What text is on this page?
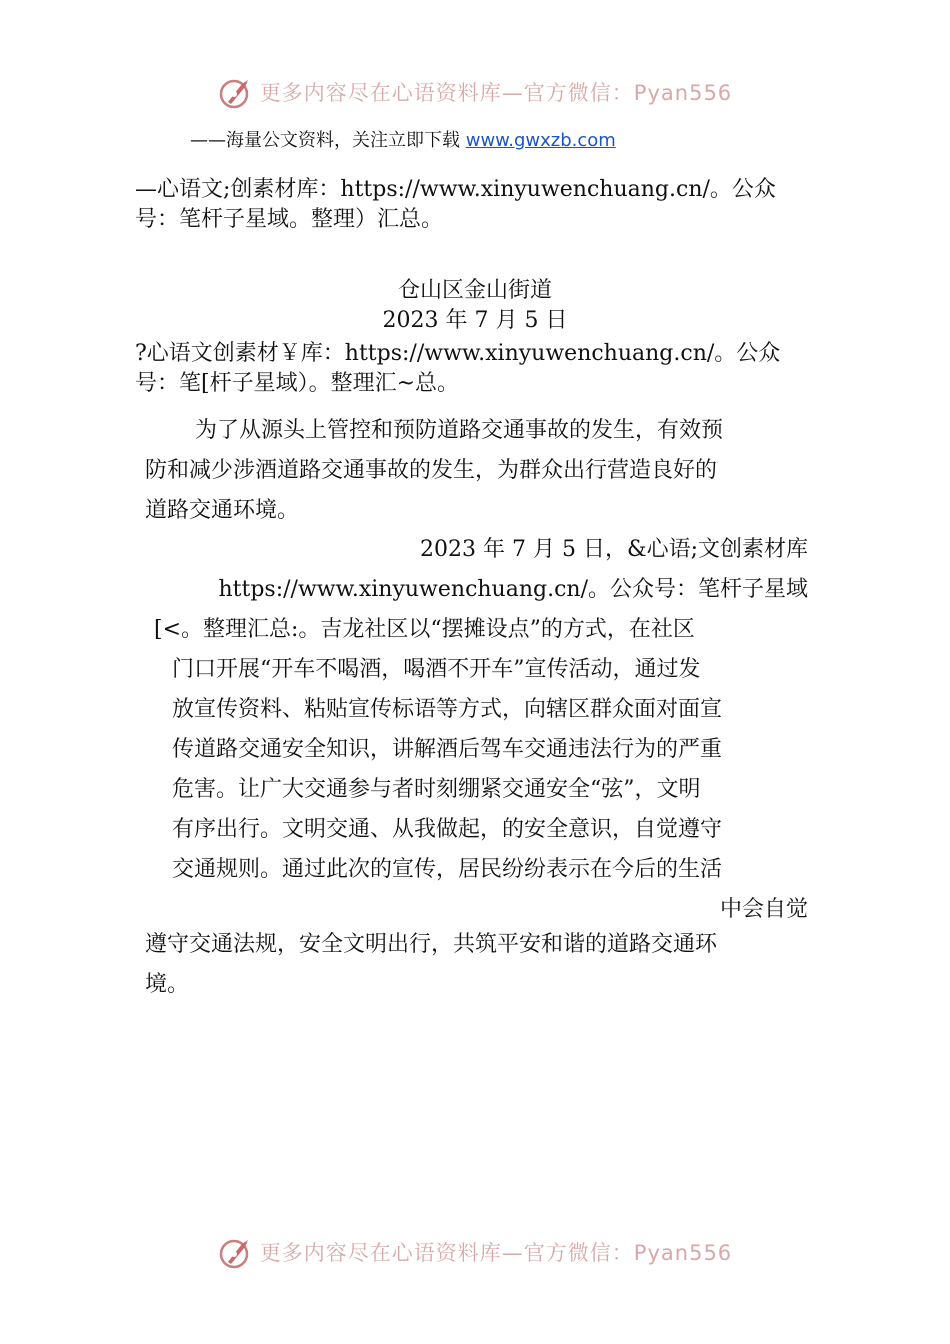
更多内容尽在心语资料库—官方微信：Pyan556
——海量公文资料，关注立即下载 www.gwxzb.com
—心语文;创素材库：https://www.xinyuwenchuang.cn/。公众
号：笔杆子星域。整理）汇总。
仓山区金山街道
2023 年 7 月 5 日
?心语文创素材￥库：https://www.xinyuwenchuang.cn/。公众
号：笔[杆子星域）。整理汇~总。
为了从源头上管控和预防道路交通事故的发生，有效预
防和减少涉酒道路交通事故的发生，为群众出行营造良好的
道路交通环境。
2023 年 7 月 5 日，&心语;文创素材库
https://www.xinyuwenchuang.cn/。公众号：笔杆子星域
[<。整理汇总:。吉龙社区以“摆摊设点”的方式，在社区
门口开展“开车不喝酒，喝酒不开车”宣传活动，通过发
放宣传资料、粘贴宣传标语等方式，向辖区群众面对面宣
传道路交通安全知识，讲解酒后驾车交通违法行为的严重
危害。让广大交通参与者时刻绷紧交通安全“弦”，文明
有序出行。文明交通、从我做起，的安全意识，自觉遵守
交通规则。通过此次的宣传，居民纷纷表示在今后的生活
中会自觉
遵守交通法规，安全文明出行，共筑平安和谐的道路交通环
境。
更多内容尽在心语资料库—官方微信：Pyan556
